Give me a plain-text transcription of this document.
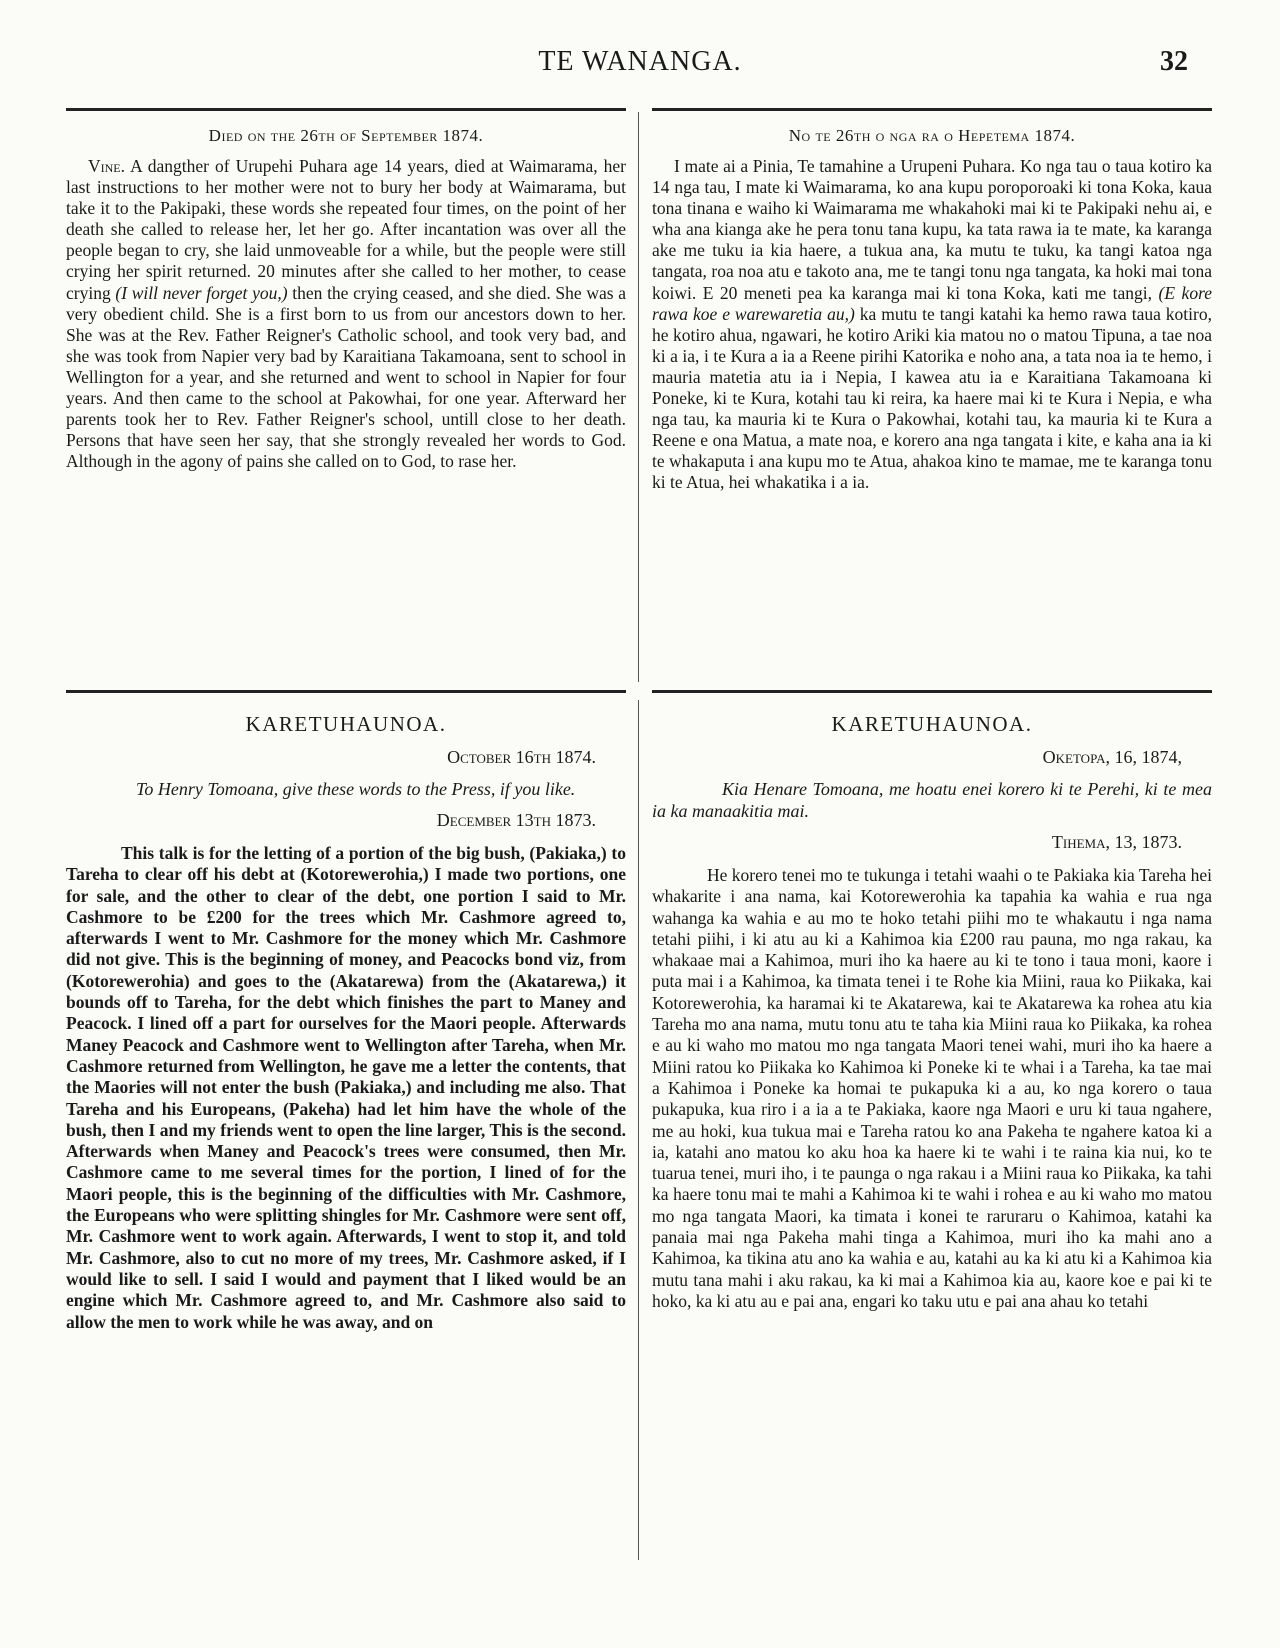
TE WANANGA.	32

Died on the 26th of September 1874.

Vine. A dangther of Urupehi Puhara age 14 years, died at Waimarama, her last instructions to her mother were not to bury her body at Waimarama, but take it to the Pakipaki, these words she repeated four times, on the point of her death she called to release her, let her go. After incantation was over all the people began to cry, she laid unmoveable for a while, but the people were still crying her spirit returned. 20 minutes after she called to her mother, to cease crying (I will never forget you,) then the crying ceased, and she died. She was a very obedient child. She is a first born to us from our ancestors down to her. She was at the Rev. Father Reigner's Catholic school, and took very bad, and she was took from Napier very bad by Karaitiana Takamoana, sent to school in Wellington for a year, and she returned and went to school in Napier for four years. And then came to the school at Pakowhai, for one year. Afterward her parents took her to Rev. Father Reigner's school, untill close to her death. Persons that have seen her say, that she strongly revealed her words to God. Although in the agony of pains she called on to God, to rase her.

No te 26th o nga ra o Hepetema 1874.

I mate ai a Pinia, Te tamahine a Urupeni Puhara. Ko nga tau o taua kotiro ka 14 nga tau, I mate ki Waimarama, ko ana kupu poroporoaki ki tona Koka, kaua tona tinana e waiho ki Waimarama me whakahoki mai ki te Pakipaki nehu ai, e wha ana kianga ake he pera tonu tana kupu, ka tata rawa ia te mate, ka karanga ake me tuku ia kia haere, a tukua ana, ka mutu te tuku, ka tangi katoa nga tangata, roa noa atu e takoto ana, me te tangi tonu nga tangata, ka hoki mai tona koiwi. E 20 meneti pea ka karanga mai ki tona Koka, kati me tangi, (E kore rawa koe e warewaretia au,) ka mutu te tangi katahi ka hemo rawa taua kotiro, he kotiro ahua, ngawari, he kotiro Ariki kia matou no o matou Tipuna, a tae noa ki a ia, i te Kura a ia a Reene pirihi Katorika e noho ana, a tata noa ia te hemo, i mauria matetia atu ia i Nepia, I kawea atu ia e Karaitiana Takamoana ki Poneke, ki te Kura, kotahi tau ki reira, ka haere mai ki te Kura i Nepia, e wha nga tau, ka mauria ki te Kura o Pakowhai, kotahi tau, ka mauria ki te Kura a Reene e ona Matua, a mate noa, e korero ana nga tangata i kite, e kaha ana ia ki te whakaputa i ana kupu mo te Atua, ahakoa kino te mamae, me te karanga tonu ki te Atua, hei whakatika i a ia.

KARETUHAUNOA.

October 16th 1874.

To Henry Tomoana, give these words to the Press, if you like.

December 13th 1873.

This talk is for the letting of a portion of the big bush, (Pakiaka,) to Tareha to clear off his debt at (Kotorewerohia,) I made two portions, one for sale, and the other to clear of the debt, one portion I said to Mr. Cashmore to be £200 for the trees which Mr. Cashmore agreed to, afterwards I went to Mr. Cashmore for the money which Mr. Cashmore did not give. This is the beginning of money, and Peacocks bond viz, from (Kotorewerohia) and goes to the (Akatarewa) from the (Akatarewa,) it bounds off to Tareha, for the debt which finishes the part to Maney and Peacock. I lined off a part for ourselves for the Maori people. Afterwards Maney Peacock and Cashmore went to Wellington after Tareha, when Mr. Cashmore returned from Wellington, he gave me a letter the contents, that the Maories will not enter the bush (Pakiaka,) and including me also. That Tareha and his Europeans, (Pakeha) had let him have the whole of the bush, then I and my friends went to open the line larger, This is the second. Afterwards when Maney and Peacock's trees were consumed, then Mr. Cashmore came to me several times for the portion, I lined of for the Maori people, this is the beginning of the difficulties with Mr. Cashmore, the Europeans who were splitting shingles for Mr. Cashmore were sent off, Mr. Cashmore went to work again. Afterwards, I went to stop it, and told Mr. Cashmore, also to cut no more of my trees, Mr. Cashmore asked, if I would like to sell. I said I would and payment that I liked would be an engine which Mr. Cashmore agreed to, and Mr. Cashmore also said to allow the men to work while he was away, and on

KARETUHAUNOA.

Oketopa, 16, 1874,

Kia Henare Tomoana, me hoatu enei korero ki te Perehi, ki te mea ia ka manaakitia mai.

Tihema, 13, 1873.

He korero tenei mo te tukunga i tetahi waahi o te Pakiaka kia Tareha hei whakarite i ana nama, kai Kotorewerohia ka tapahia ka wahia e rua nga wahanga ka wahia e au mo te hoko tetahi piihi mo te whakautu i nga nama tetahi piihi, i ki atu au ki a Kahimoa kia £200 rau pauna, mo nga rakau, ka whakaae mai a Kahimoa, muri iho ka haere au ki te tono i taua moni, kaore i puta mai i a Kahimoa, ka timata tenei i te Rohe kia Miini, raua ko Piikaka, kai Kotorewerohia, ka haramai ki te Akatarewa, kai te Akatarewa ka rohea atu kia Tareha mo ana nama, mutu tonu atu te taha kia Miini raua ko Piikaka, ka rohea e au ki waho mo matou mo nga tangata Maori tenei wahi, muri iho ka haere a Miini ratou ko Piikaka ko Kahimoa ki Poneke ki te whai i a Tareha, ka tae mai a Kahimoa i Poneke ka homai te pukapuka ki a au, ko nga korero o taua pukapuka, kua riro i a ia a te Pakiaka, kaore nga Maori e uru ki taua ngahere, me au hoki, kua tukua mai e Tareha ratou ko ana Pakeha te ngahere katoa ki a ia, katahi ano matou ko aku hoa ka haere ki te wahi i te raina kia nui, ko te tuarua tenei, muri iho, i te paunga o nga rakau i a Miini raua ko Piikaka, ka tahi ka haere tonu mai te mahi a Kahimoa ki te wahi i rohea e au ki waho mo matou mo nga tangata Maori, ka timata i konei te raruraru o Kahimoa, katahi ka panaia mai nga Pakeha mahi tinga a Kahimoa, muri iho ka mahi ano a Kahimoa, ka tikina atu ano ka wahia e au, katahi au ka ki atu ki a Kahimoa kia mutu tana mahi i aku rakau, ka ki mai a Kahimoa kia au, kaore koe e pai ki te hoko, ka ki atu au e pai ana, engari ko taku utu e pai ana ahau ko tetahi
